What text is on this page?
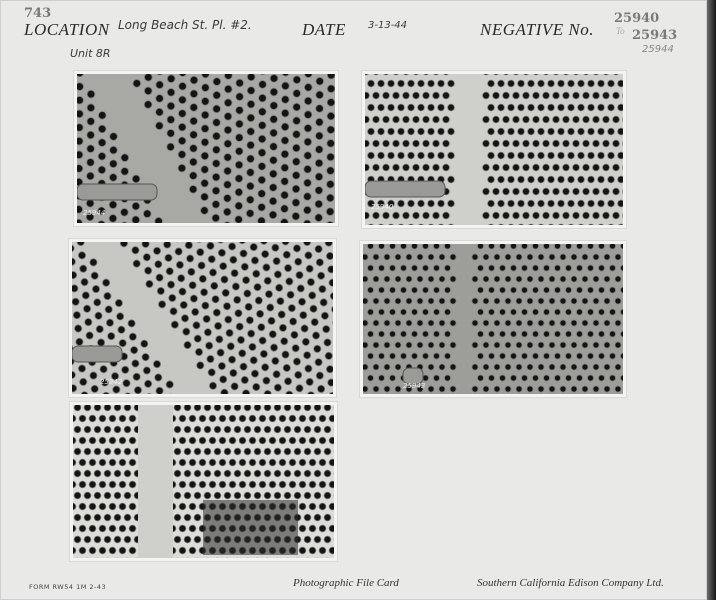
743
LOCATION Long Beach St. Pl. #2.	DATE 3-13-44	NEGATIVE No.
25940
To 25943
25944
Unit 8R
25944
25940
25942	25943
FORM RW54 1M 2-43	Photographic File Card	Southern California Edison Company Ltd.
